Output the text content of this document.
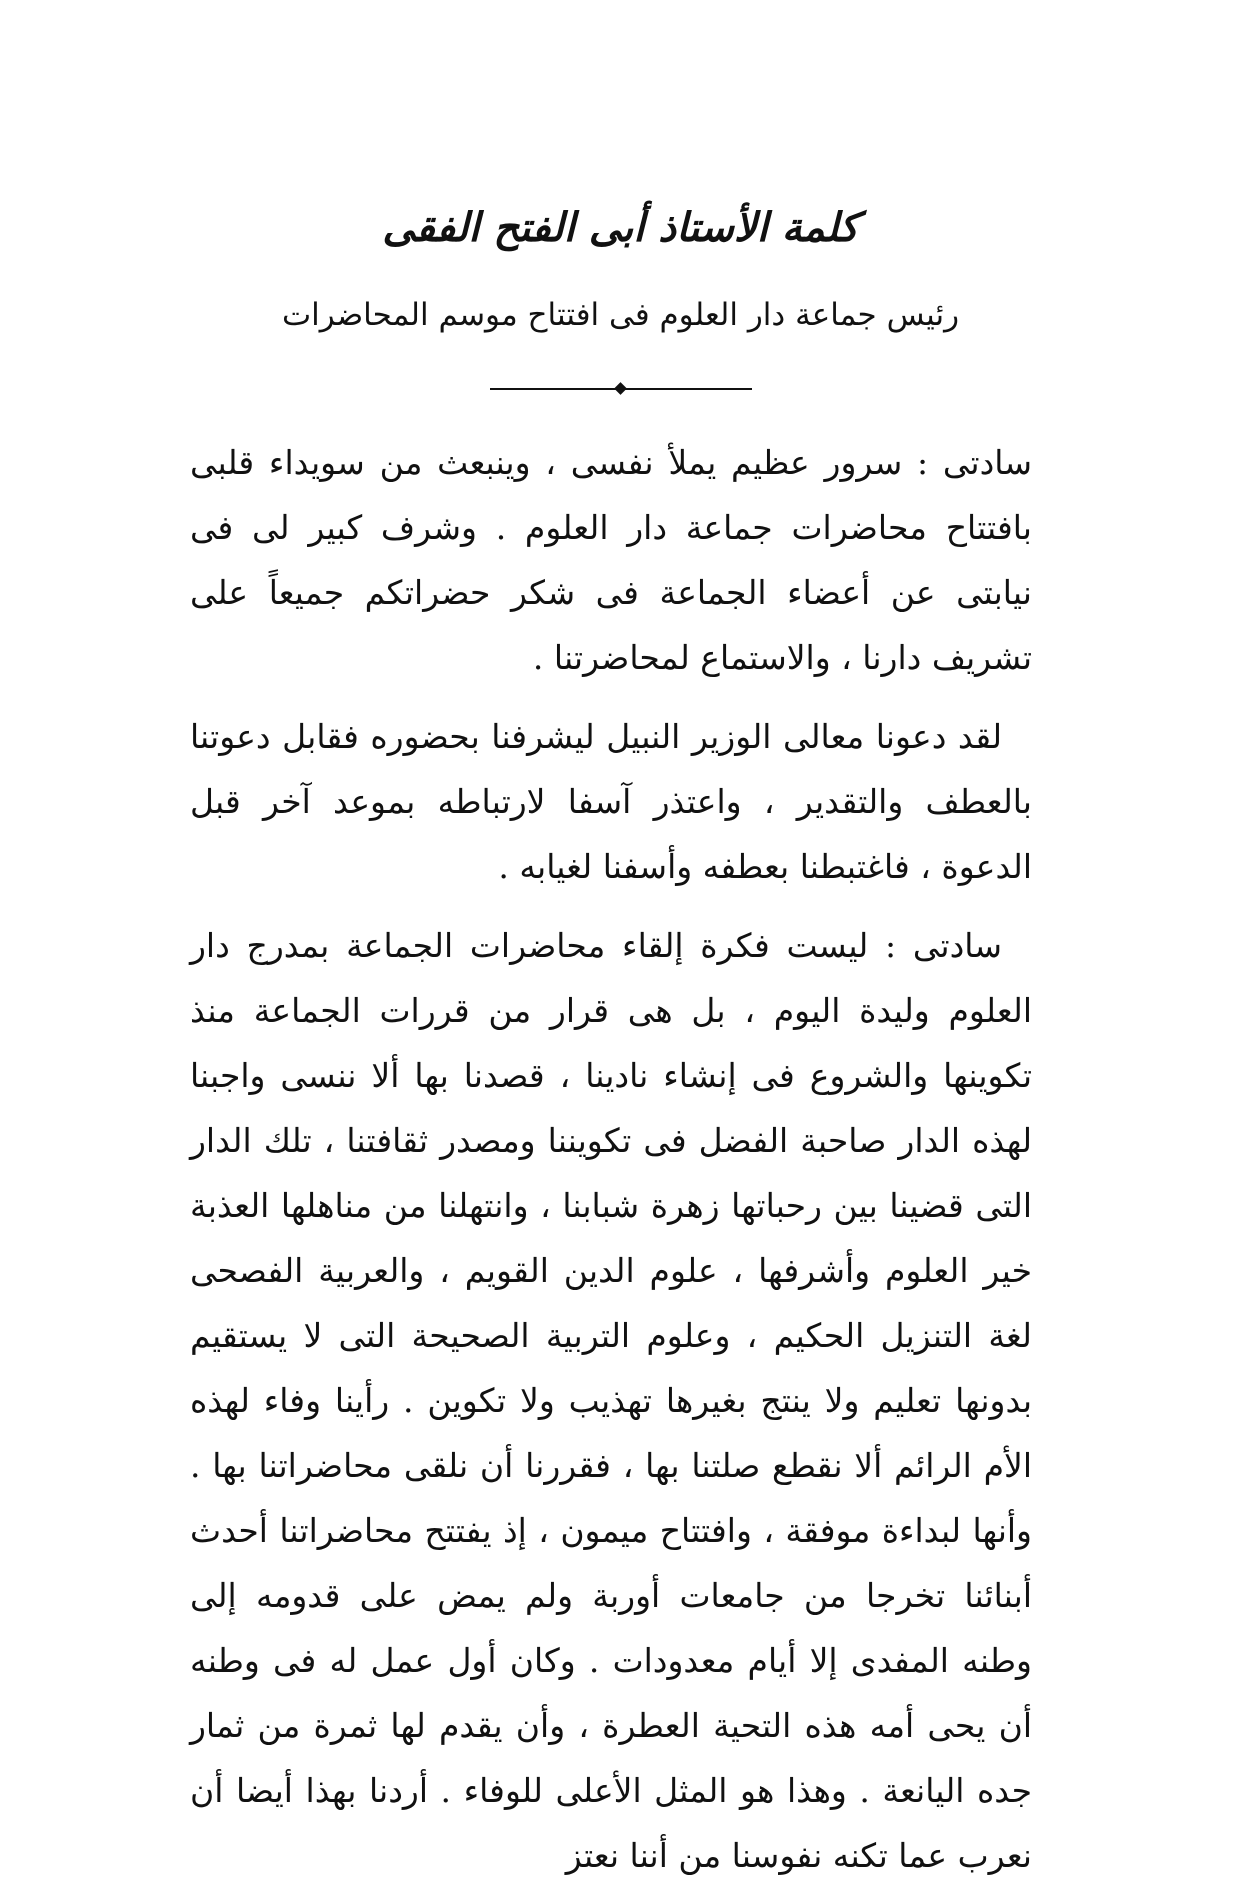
كلمة الأستاذ أبى الفتح الفقى
رئيس جماعة دار العلوم فى افتتاح موسم المحاضرات

سادتى : سرور عظيم يملأ نفسى ، وينبعث من سويداء قلبى بافتتاح محاضرات جماعة دار العلوم . وشرف كبير لى فى نيابتى عن أعضاء الجماعة فى شكر حضراتكم جميعاً على تشريف دارنا ، والاستماع لمحاضرتنا .

لقد دعونا معالى الوزير النبيل ليشرفنا بحضوره فقابل دعوتنا بالعطف والتقدير ، واعتذر آسفا لارتباطه بموعد آخر قبل الدعوة ، فاغتبطنا بعطفه وأسفنا لغيابه .

سادتى : ليست فكرة إلقاء محاضرات الجماعة بمدرج دار العلوم وليدة اليوم ، بل هى قرار من قررات الجماعة منذ تكوينها والشروع فى إنشاء نادينا ، قصدنا بها ألا ننسى واجبنا لهذه الدار صاحبة الفضل فى تكويننا ومصدر ثقافتنا ، تلك الدار التى قضينا بين رحباتها زهرة شبابنا ، وانتهلنا من مناهلها العذبة خير العلوم وأشرفها ، علوم الدين القويم ، والعربية الفصحى لغة التنزيل الحكيم ، وعلوم التربية الصحيحة التى لا يستقيم بدونها تعليم ولا ينتج بغيرها تهذيب ولا تكوين . رأينا وفاء لهذه الأم الرائم ألا نقطع صلتنا بها ، فقررنا أن نلقى محاضراتنا بها . وأنها لبداءة موفقة ، وافتتاح ميمون ، إذ يفتتح محاضراتنا أحدث أبنائنا تخرجا من جامعات أوربة ولم يمض على قدومه إلى وطنه المفدى إلا أيام معدودات . وكان أول عمل له فى وطنه أن يحى أمه هذه التحية العطرة ، وأن يقدم لها ثمرة من ثمار جده اليانعة . وهذا هو المثل الأعلى للوفاء . أردنا بهذا أيضا أن نعرب عما تكنه نفوسنا من أننا نعتز
